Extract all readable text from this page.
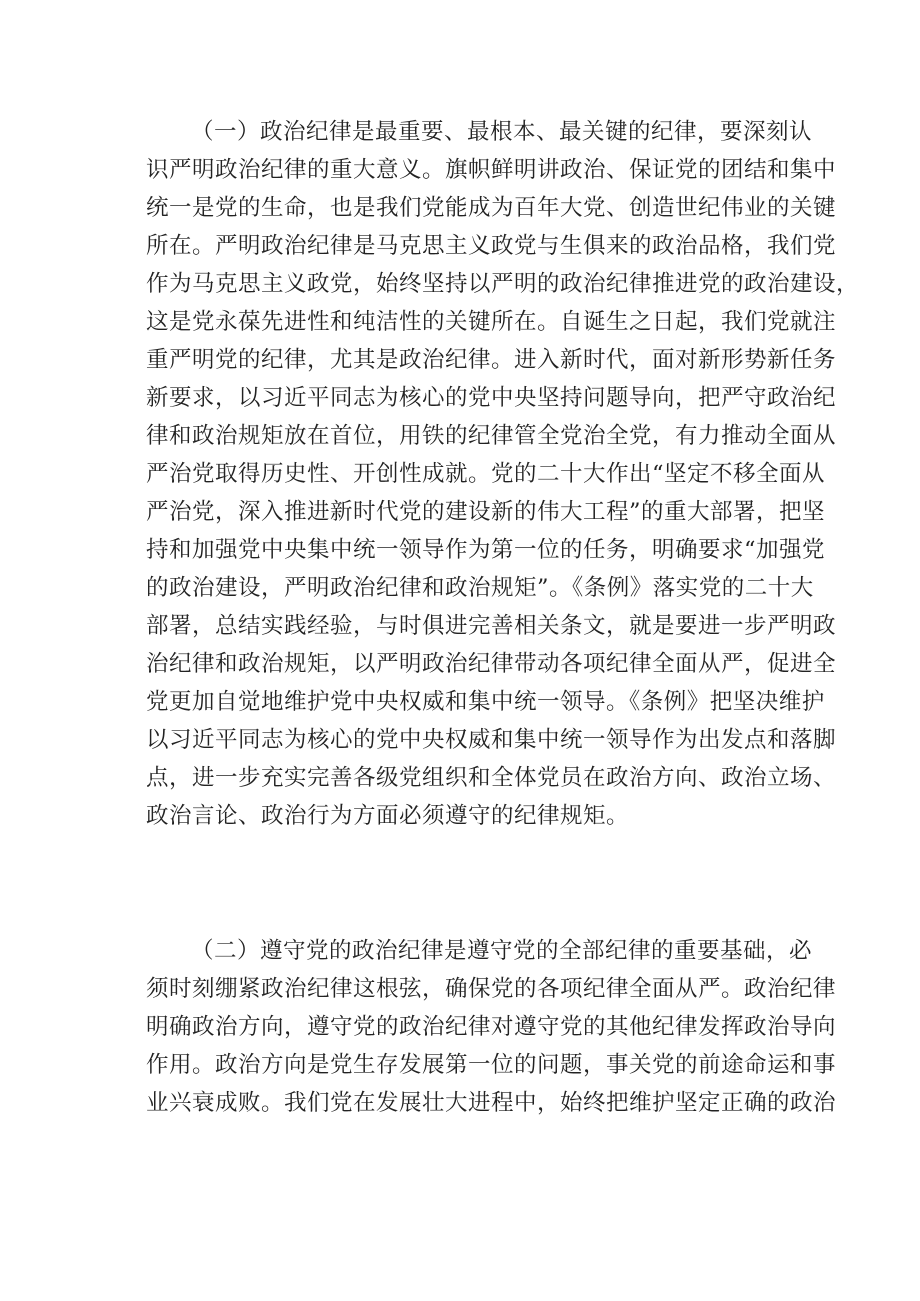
（一）政治纪律是最重要、最根本、最关键的纪律，要深刻认
识严明政治纪律的重大意义。旗帜鲜明讲政治、保证党的团结和集中
统一是党的生命，也是我们党能成为百年大党、创造世纪伟业的关键
所在。严明政治纪律是马克思主义政党与生俱来的政治品格，我们党
作为马克思主义政党，始终坚持以严明的政治纪律推进党的政治建设，
这是党永葆先进性和纯洁性的关键所在。自诞生之日起，我们党就注
重严明党的纪律，尤其是政治纪律。进入新时代，面对新形势新任务
新要求，以习近平同志为核心的党中央坚持问题导向，把严守政治纪
律和政治规矩放在首位，用铁的纪律管全党治全党，有力推动全面从
严治党取得历史性、开创性成就。党的二十大作出“坚定不移全面从
严治党，深入推进新时代党的建设新的伟大工程”的重大部署，把坚
持和加强党中央集中统一领导作为第一位的任务，明确要求“加强党
的政治建设，严明政治纪律和政治规矩”。《条例》落实党的二十大
部署，总结实践经验，与时俱进完善相关条文，就是要进一步严明政
治纪律和政治规矩，以严明政治纪律带动各项纪律全面从严，促进全
党更加自觉地维护党中央权威和集中统一领导。《条例》把坚决维护
以习近平同志为核心的党中央权威和集中统一领导作为出发点和落脚
点，进一步充实完善各级党组织和全体党员在政治方向、政治立场、
政治言论、政治行为方面必须遵守的纪律规矩。
（二）遵守党的政治纪律是遵守党的全部纪律的重要基础，必
须时刻绷紧政治纪律这根弦，确保党的各项纪律全面从严。政治纪律
明确政治方向，遵守党的政治纪律对遵守党的其他纪律发挥政治导向
作用。政治方向是党生存发展第一位的问题，事关党的前途命运和事
业兴衰成败。我们党在发展壮大进程中，始终把维护坚定正确的政治
